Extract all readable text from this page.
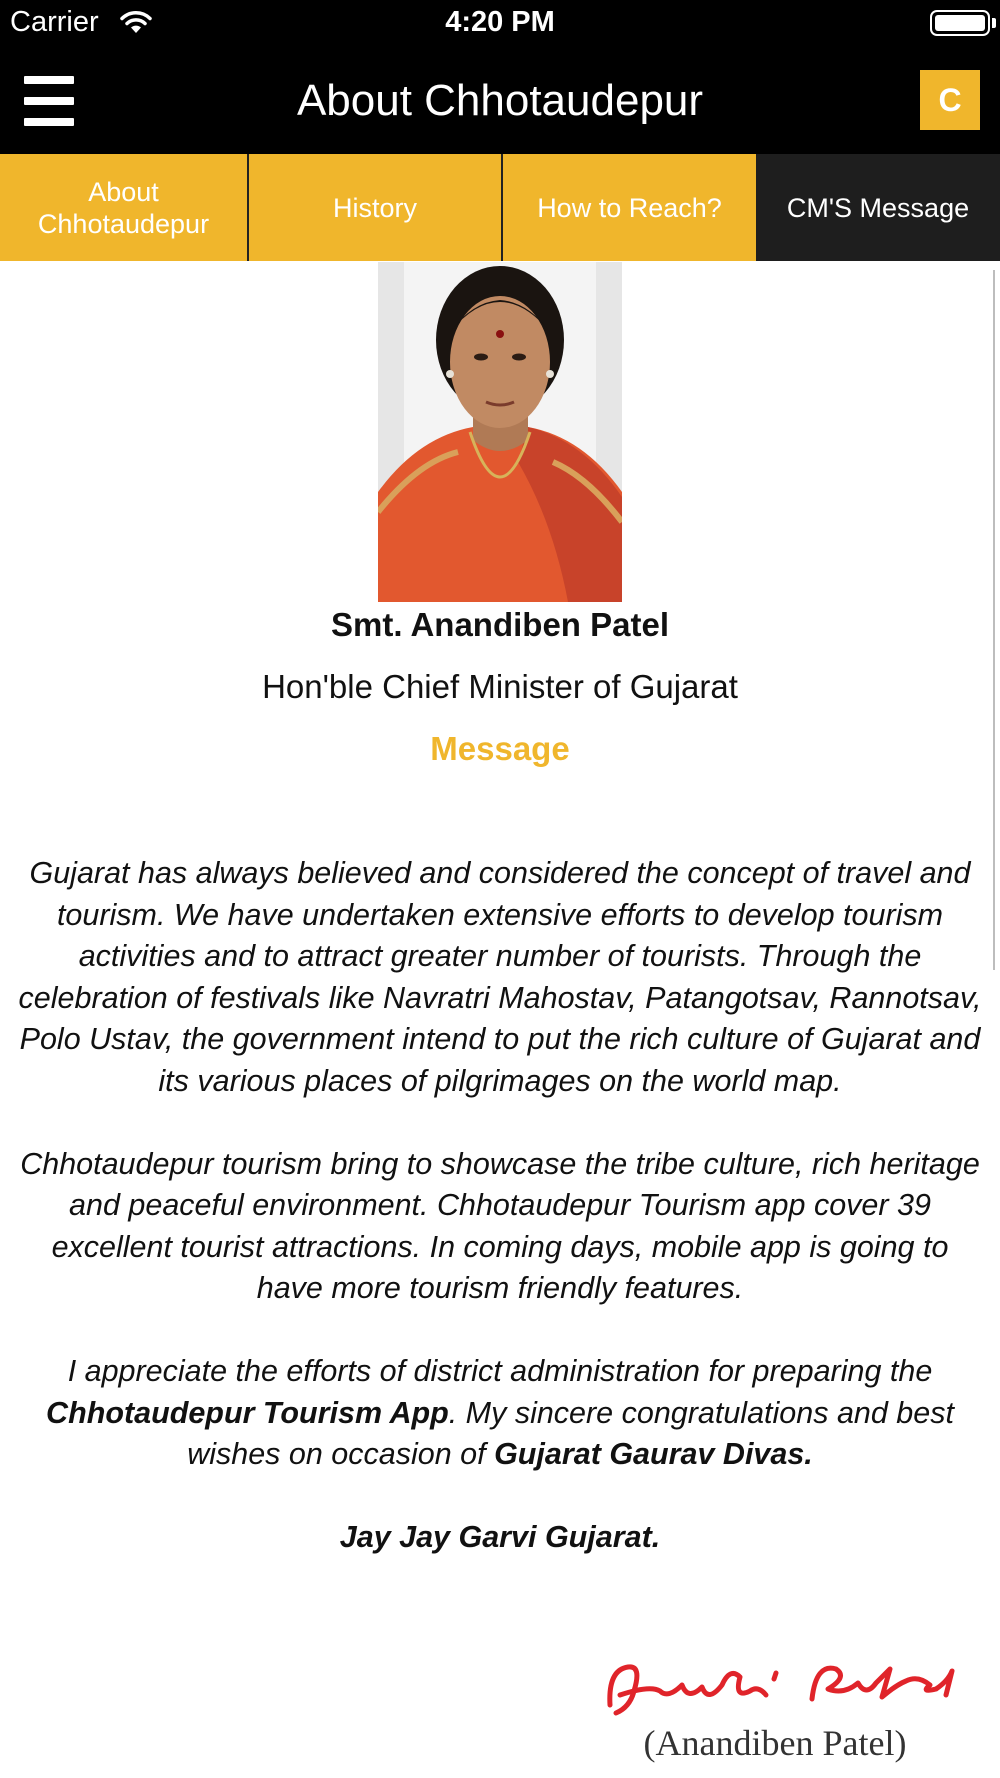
Carrier	4:20 PM
About Chhotaudepur	C
About Chhotaudepur
History	How to Reach? CM'S Message
Smt. Anandiben Patel
Hon'ble Chief Minister of Gujarat
Message

Gujarat has always believed and considered the concept of travel and tourism. We have undertaken extensive efforts to develop tourism activities and to attract greater number of tourists. Through the celebration of festivals like Navratri Mahostav, Patangotsav, Rannotsav, Polo Ustav, the government intend to put the rich culture of Gujarat and its various places of pilgrimages on the world map.

Chhotaudepur tourism bring to showcase the tribe culture, rich heritage and peaceful environment. Chhotaudepur Tourism app cover 39 excellent tourist attractions. In coming days, mobile app is going to have more tourism friendly features.

I appreciate the efforts of district administration for preparing the Chhotaudepur Tourism App. My sincere congratulations and best wishes on occasion of Gujarat Gaurav Divas.

Jay Jay Garvi Gujarat.

(Anandiben Patel)
